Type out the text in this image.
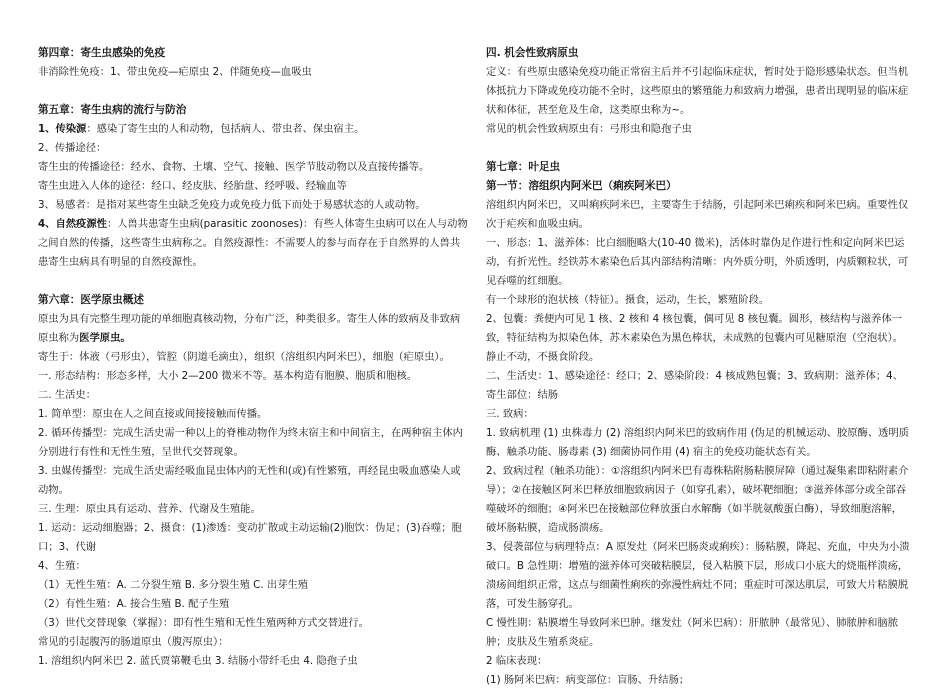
第四章：寄生虫感染的免疫

非消除性免疫：1、带虫免疫—疟原虫 2、伴随免疫—血吸虫

第五章：寄生虫病的流行与防治

1、传染源：感染了寄生虫的人和动物，包括病人、带虫者、保虫宿主。

2、传播途径：

寄生虫的传播途径：经水、食物、土壤、空气、接触、医学节肢动物以及直接传播等。

寄生虫进入人体的途径：经口、经皮肤、经胎盘、经呼吸、经输血等

3、易感者：是指对某些寄生虫缺乏免疫力或免疫力低下而处于易感状态的人或动物。

4、自然疫源性：人兽共患寄生虫病(parasitic zoonoses)：有些人体寄生虫病可以在人与动物之间自然的传播，这些寄生虫病称之。自然疫源性：不需要人的参与而存在于自然界的人兽共患寄生虫病具有明显的自然疫源性。

第六章：医学原虫概述

原虫为具有完整生理功能的单细胞真核动物，分布广泛，种类很多。寄生人体的致病及非致病原虫称为医学原虫。

寄生于：体液（弓形虫），管腔（阴道毛滴虫），组织（溶组织内阿米巴），细胞（疟原虫）。

一. 形态结构：形态多样，大小 2—200 微米不等。基本构造有胞膜、胞质和胞核。

二. 生活史：

1. 简单型：原虫在人之间直接或间接接触而传播。

2. 循环传播型：完成生活史需一种以上的脊椎动物作为终末宿主和中间宿主，在两种宿主体内分别进行有性和无性生殖，呈世代交替现象。

3. 虫媒传播型：完成生活史需经吸血昆虫体内的无性和(或)有性繁殖，再经昆虫吸血感染人或动物。

三. 生理：原虫具有运动、营养、代谢及生殖能。

1. 运动：运动细胞器；2、摄食：(1)渗透：变动扩散或主动运输(2)胞饮：伪足；(3)吞噬；胞口；3、代谢

4、生殖：

（1）无性生殖：A. 二分裂生殖 B. 多分裂生殖 C. 出芽生殖

（2）有性生殖：A. 接合生殖 B. 配子生殖

（3）世代交替现象（掌握）：即有性生殖和无性生殖两种方式交替进行。

常见的引起腹泻的肠道原虫（腹泻原虫）：

1. 溶组织内阿米巴 2. 蓝氏贾第鞭毛虫 3. 结肠小带纤毛虫 4. 隐孢子虫

四. 机会性致病原虫

定义：有些原虫感染免疫功能正常宿主后并不引起临床症状，暂时处于隐形感染状态。但当机体抵抗力下降或免疫功能不全时，这些原虫的繁殖能力和致病力增强，患者出现明显的临床症状和体征，甚至危及生命，这类原虫称为~。

常见的机会性致病原虫有：弓形虫和隐孢子虫

第七章：叶足虫

第一节：溶组织内阿米巴（痢疾阿米巴）

溶组织内阿米巴，又叫痢疾阿米巴，主要寄生于结肠，引起阿米巴痢疾和阿米巴病。重要性仅次于疟疾和血吸虫病。

一、形态：1、滋养体：比白细胞略大(10-40 微米)，活体时靠伪足作进行性和定向阿米巴运动，有折光性。经铁苏木素染色后其内部结构清晰：内外质分明，外质透明，内质颗粒状，可见吞噬的红细胞。

有一个球形的泡状核（特征）。摄食，运动，生长，繁殖阶段。

2、包囊：粪便内可见 1 核、2 核和 4 核包囊，偶可见 8 核包囊。圆形，核结构与滋养体一致，特征结构为拟染色体，苏木素染色为黑色棒状，未成熟的包囊内可见糖原泡（空泡状）。静止不动，不摄食阶段。

二、生活史：1、感染途径：经口；2、感染阶段：4 核成熟包囊；3、致病期：滋养体；4、寄生部位：结肠

三. 致病：

1. 致病机理 (1) 虫株毒力 (2) 溶组织内阿米巴的致病作用 (伪足的机械运动、胶原酶、透明质酶、触杀功能、肠毒素 (3) 细菌协同作用 (4) 宿主的免疫功能状态有关。

2、致病过程（触杀功能）：①溶组织内阿米巴有毒株粘附肠粘膜屏障（通过凝集素即粘附素介导）；②在接触区阿米巴释放细胞致病因子（如穿孔素），破坏靶细胞；③滋养体部分或全部吞噬破坏的细胞；④阿米巴在接触部位释放蛋白水解酶（如半胱氨酸蛋白酶），导致细胞溶解，破坏肠粘膜，造成肠溃疡。

3、侵袭部位与病理特点：A 原发灶（阿米巴肠炎或痢疾）：肠粘膜，降起、充血，中央为小溃破口。B 急性期：增殖的滋养体可突破粘膜层，侵入粘膜下层，形成口小底大的烧瓶样溃疡，溃疡间组织正常，这点与细菌性痢疾的弥漫性病灶不同；重症时可深达肌层，可致大片粘膜脱落，可发生肠穿孔。

C 慢性期：粘膜增生导致阿米巴肿。继发灶（阿米巴病）：肝脓肿（最常见）、肺脓肿和脑脓肿；皮肤及生殖系炎症。

2 临床表现：

(1) 肠阿米巴病：病变部位：盲肠、升结肠；
